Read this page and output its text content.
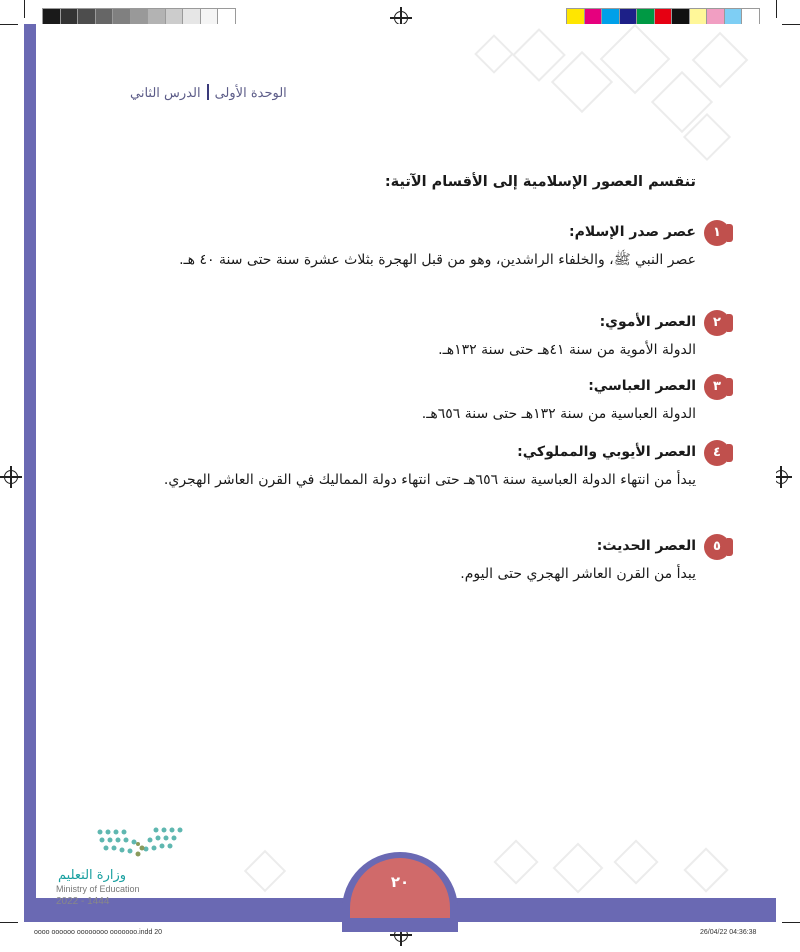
الوحدة الأولىالدرس الثاني
تنقسم العصور الإسلامية إلى الأقسام الآتية:
١
عصر صدر الإسلام:
عصر النبي ﷺ، والخلفاء الراشدين، وهو من قبل الهجرة بثلاث عشرة سنة حتى سنة ٤٠ هـ.
٢
العصر الأموي:
الدولة الأموية من سنة ٤١هـ حتى سنة ١٣٢هـ.
٣
العصر العباسي:
الدولة العباسية من سنة ١٣٢هـ حتى سنة ٦٥٦هـ.
٤
العصر الأيوبي والمملوكي:
يبدأ من انتهاء الدولة العباسية سنة ٦٥٦هـ حتى انتهاء دولة المماليك في القرن العاشر الهجري.
٥
العصر الحديث:
يبدأ من القرن العاشر الهجري حتى اليوم.
وزارة التعليم
Ministry of Education
2022 - 1444
٢٠
oooo oooooo oooooooo ooooooo.indd 20	26/04/22 04:36:38
